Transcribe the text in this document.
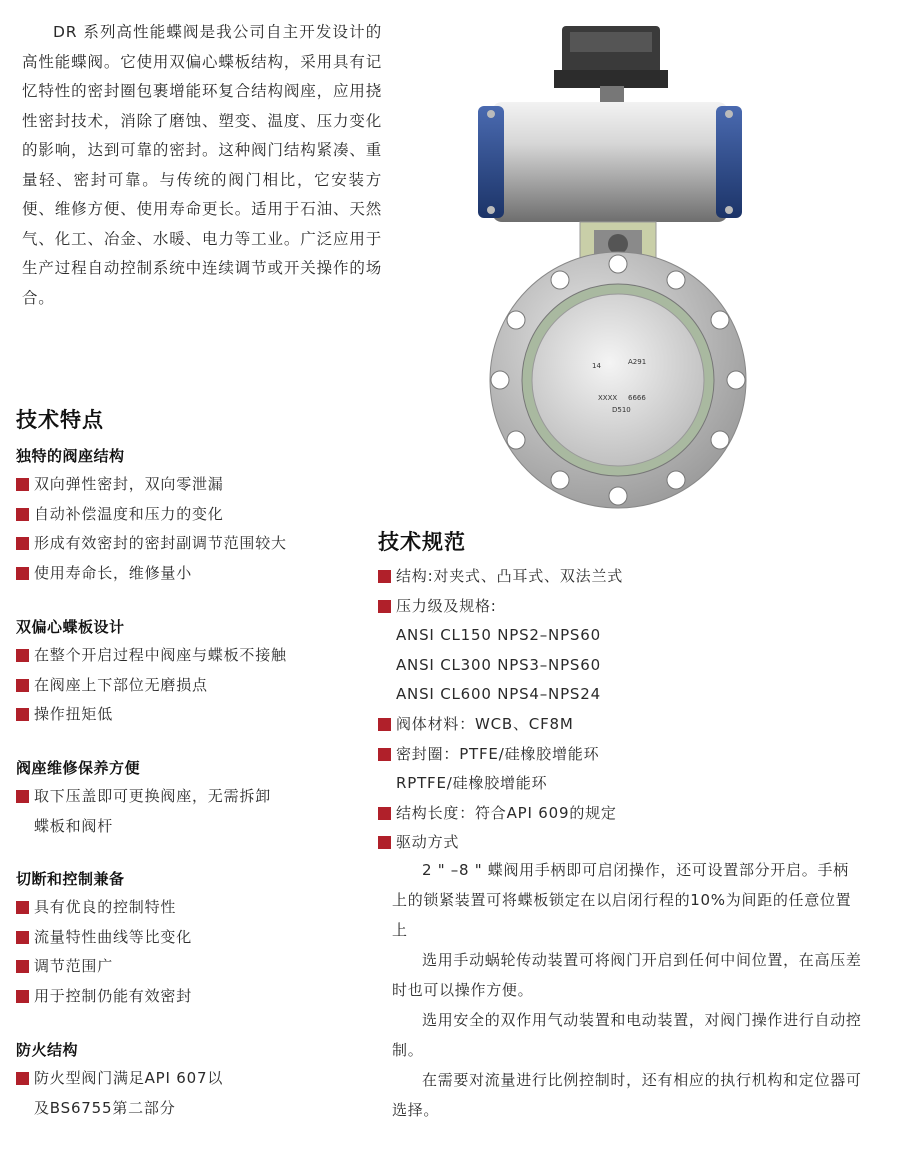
DR 系列高性能蝶阀是我公司自主开发设计的高性能蝶阀。它使用双偏心蝶板结构，采用具有记忆特性的密封圈包裹增能环复合结构阀座，应用挠性密封技术，消除了磨蚀、塑变、温度、压力变化的影响，达到可靠的密封。这种阀门结构紧凑、重量轻、密封可靠。与传统的阀门相比，它安装方便、维修方便、使用寿命更长。适用于石油、天然气、化工、冶金、水暖、电力等工业。广泛应用于生产过程自动控制系统中连续调节或开关操作的场合。

14	A291
XXXX 6666
D510
技术特点
独特的阀座结构
双向弹性密封，双向零泄漏
自动补偿温度和压力的变化
形成有效密封的密封副调节范围较大
使用寿命长，维修量小
双偏心蝶板设计
在整个开启过程中阀座与蝶板不接触
在阀座上下部位无磨损点
操作扭矩低
阀座维修保养方便
取下压盖即可更换阀座，无需拆卸
蝶板和阀杆
切断和控制兼备
具有优良的控制特性
流量特性曲线等比变化
调节范围广
用于控制仍能有效密封
防火结构
防火型阀门满足API 607以
及BS6755第二部分
技术规范
结构:对夹式、凸耳式、双法兰式
压力级及规格:
ANSI CL150 NPS2–NPS60
ANSI CL300 NPS3–NPS60
ANSI CL600 NPS4–NPS24
阀体材料：WCB、CF8M
密封圈：PTFE/硅橡胶增能环
RPTFE/硅橡胶增能环
结构长度：符合API 609的规定
驱动方式

2 " –8 " 蝶阀用手柄即可启闭操作，还可设置部分开启。手柄上的锁紧装置可将蝶板锁定在以启闭行程的10%为间距的任意位置上

选用手动蜗轮传动装置可将阀门开启到任何中间位置，在高压差时也可以操作方便。

选用安全的双作用气动装置和电动装置，对阀门操作进行自动控制。

在需要对流量进行比例控制时，还有相应的执行机构和定位器可选择。
